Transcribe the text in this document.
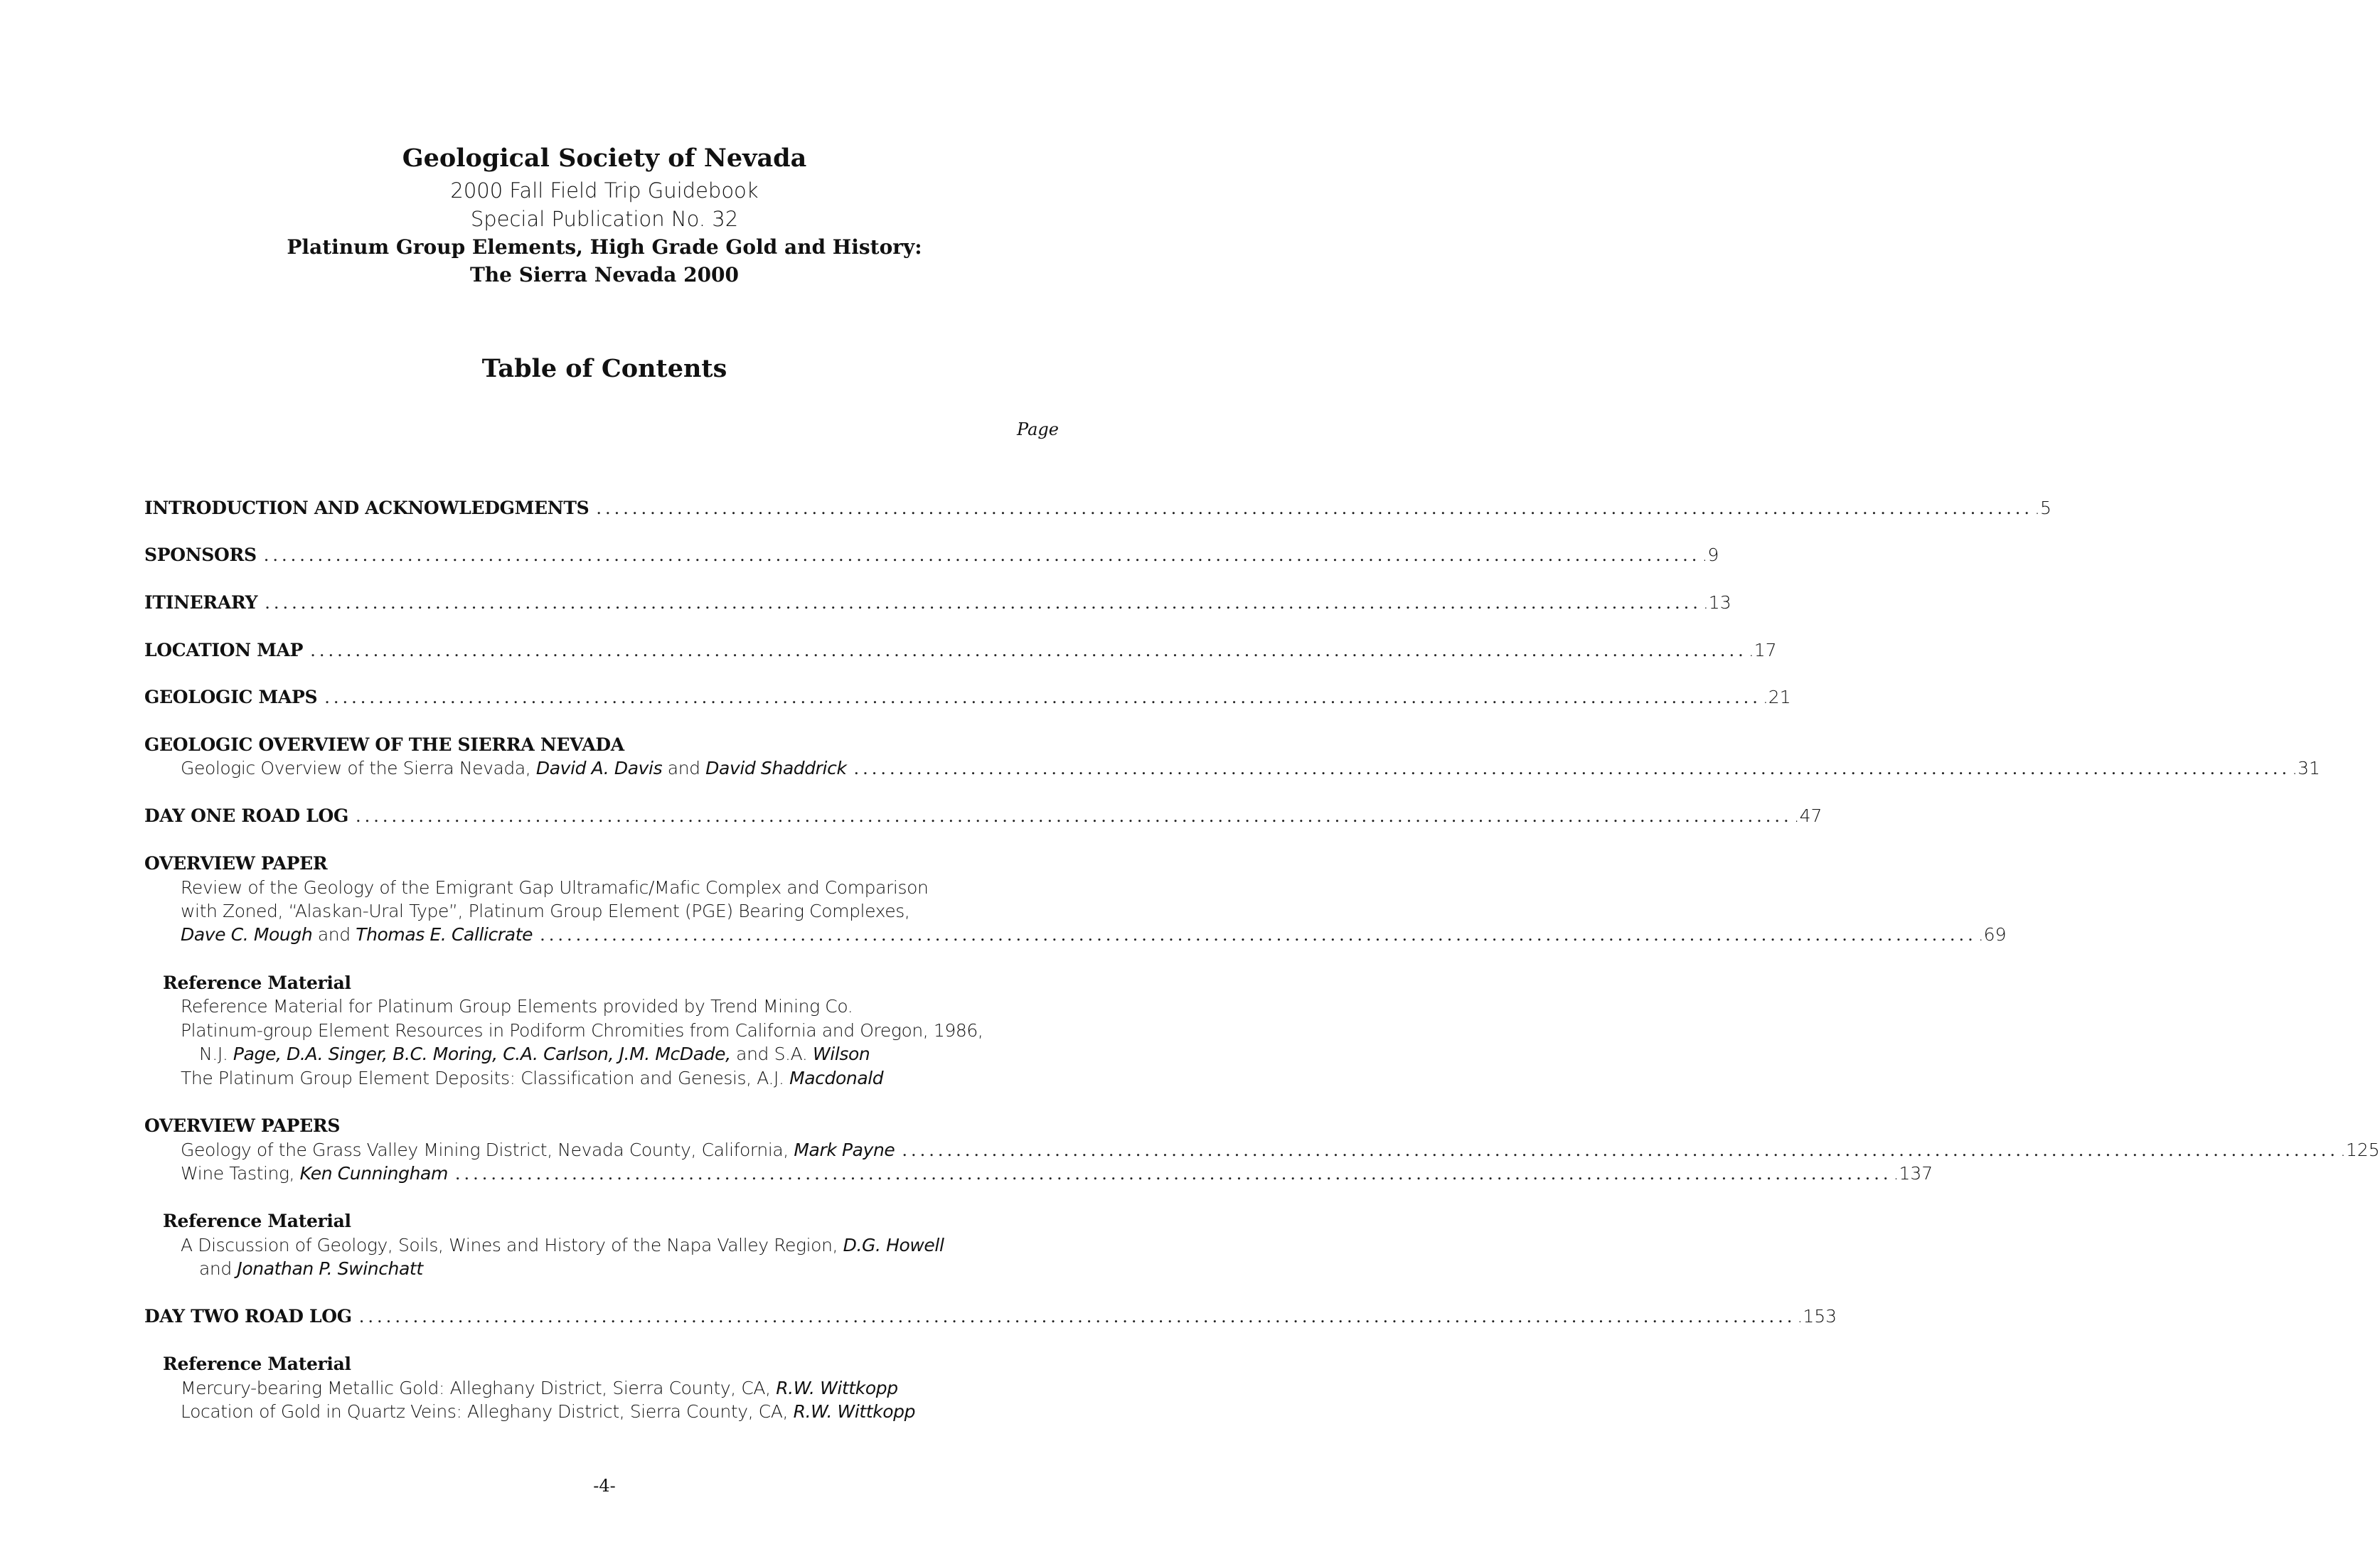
Geological Society of Nevada
2000 Fall Field Trip Guidebook
Special Publication No. 32
Platinum Group Elements, High Grade Gold and History:
The Sierra Nevada 2000
Table of Contents
Page
INTRODUCTION AND ACKNOWLEDGMENTS ................................................................................................................................................................ .5
SPONSORS ................................................................................................................................................................ .9
ITINERARY ................................................................................................................................................................ .13
LOCATION MAP ................................................................................................................................................................ .17
GEOLOGIC MAPS ................................................................................................................................................................ .21
GEOLOGIC OVERVIEW OF THE SIERRA NEVADA
Geologic Overview of the Sierra Nevada, David A. Davis and David Shaddrick ................................................................................................................................................................ .31
DAY ONE ROAD LOG ................................................................................................................................................................ .47
OVERVIEW PAPER
Review of the Geology of the Emigrant Gap Ultramafic/Mafic Complex and Comparison
with Zoned, “Alaskan-Ural Type”, Platinum Group Element (PGE) Bearing Complexes,
Dave C. Mough and Thomas E. Callicrate ................................................................................................................................................................ .69
Reference Material
Reference Material for Platinum Group Elements provided by Trend Mining Co.
Platinum-group Element Resources in Podiform Chromities from California and Oregon, 1986,
N.J. Page, D.A. Singer, B.C. Moring, C.A. Carlson, J.M. McDade, and S.A. Wilson
The Platinum Group Element Deposits: Classification and Genesis, A.J. Macdonald
OVERVIEW PAPERS
Geology of the Grass Valley Mining District, Nevada County, California, Mark Payne ................................................................................................................................................................ .125
Wine Tasting, Ken Cunningham ................................................................................................................................................................ .137
Reference Material
A Discussion of Geology, Soils, Wines and History of the Napa Valley Region, D.G. Howell
and Jonathan P. Swinchatt
DAY TWO ROAD LOG ................................................................................................................................................................ .153
Reference Material
Mercury-bearing Metallic Gold: Alleghany District, Sierra County, CA, R.W. Wittkopp
Location of Gold in Quartz Veins: Alleghany District, Sierra County, CA, R.W. Wittkopp
-4-
